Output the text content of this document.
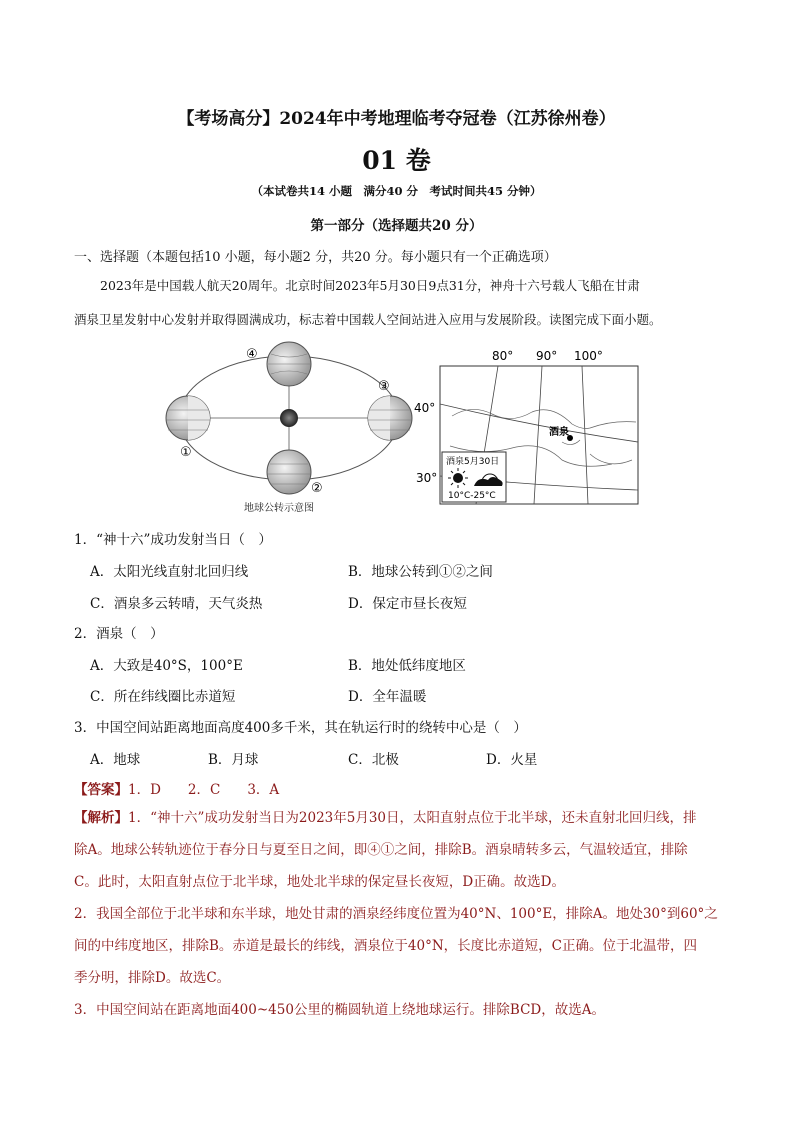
【考场高分】2024年中考地理临考夺冠卷（江苏徐州卷）
01 卷
（本试卷共14 小题　满分40 分　考试时间共45 分钟）
第一部分（选择题共20 分）
一、选择题（本题包括10 小题，每小题2 分，共20 分。每小题只有一个正确选项）
2023年是中国载人航天20周年。北京时间2023年5月30日9点31分，神舟十六号载人飞船在甘肃
酒泉卫星发射中心发射并取得圆满成功，标志着中国载人空间站进入应用与发展阶段。读图完成下面小题。
④
③
①
②
地球公转示意图
80° 90° 100°
40°
30°
酒泉
酒泉5月30日
10°C-25°C
1．“神十六”成功发射当日（　）
A．太阳光线直射北回归线	B．地球公转到①②之间
C．酒泉多云转晴，天气炎热	D．保定市昼长夜短
2．酒泉（　）
A．大致是40°S，100°E	B．地处低纬度地区
C．所在纬线圈比赤道短	D．全年温暖
3．中国空间站距离地面高度400多千米，其在轨运行时的绕转中心是（　）
A．地球	B．月球	C．北极	D．火星
【答案】1．D　　2．C　　3．A
【解析】1．“神十六”成功发射当日为2023年5月30日，太阳直射点位于北半球，还未直射北回归线，排
除A。地球公转轨迹位于春分日与夏至日之间，即④①之间，排除B。酒泉晴转多云，气温较适宜，排除
C。此时，太阳直射点位于北半球，地处北半球的保定昼长夜短，D正确。故选D。
2．我国全部位于北半球和东半球，地处甘肃的酒泉经纬度位置为40°N、100°E，排除A。地处30°到60°之
间的中纬度地区，排除B。赤道是最长的纬线，酒泉位于40°N，长度比赤道短，C正确。位于北温带，四
季分明，排除D。故选C。
3．中国空间站在距离地面400~450公里的椭圆轨道上绕地球运行。排除BCD，故选A。
